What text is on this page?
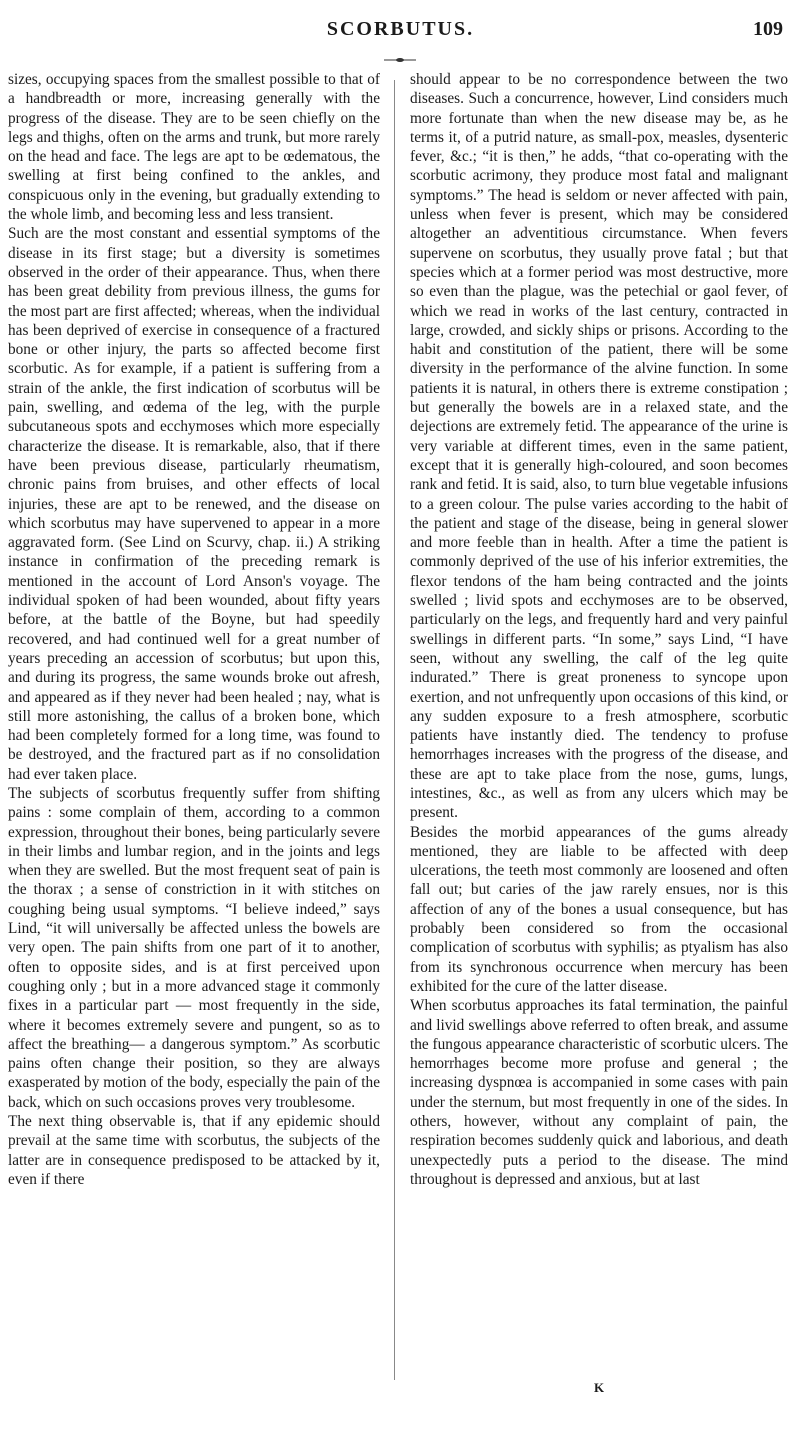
SCORBUTUS.	109

sizes, occupying spaces from the smallest possible to that of a handbreadth or more, increasing generally with the progress of the disease. They are to be seen chiefly on the legs and thighs, often on the arms and trunk, but more rarely on the head and face. The legs are apt to be œdematous, the swelling at first being confined to the ankles, and conspicuous only in the evening, but gradually extending to the whole limb, and becoming less and less transient.

Such are the most constant and essential symptoms of the disease in its first stage; but a diversity is sometimes observed in the order of their appearance. Thus, when there has been great debility from previous illness, the gums for the most part are first affected; whereas, when the individual has been deprived of exercise in consequence of a fractured bone or other injury, the parts so affected become first scorbutic. As for example, if a patient is suffering from a strain of the ankle, the first indication of scorbutus will be pain, swelling, and œdema of the leg, with the purple subcutaneous spots and ecchymoses which more especially characterize the disease. It is remarkable, also, that if there have been previous disease, particularly rheumatism, chronic pains from bruises, and other effects of local injuries, these are apt to be renewed, and the disease on which scorbutus may have supervened to appear in a more aggravated form. (See Lind on Scurvy, chap. ii.) A striking instance in confirmation of the preceding remark is mentioned in the account of Lord Anson's voyage. The individual spoken of had been wounded, about fifty years before, at the battle of the Boyne, but had speedily recovered, and had continued well for a great number of years preceding an accession of scorbutus; but upon this, and during its progress, the same wounds broke out afresh, and appeared as if they never had been healed ; nay, what is still more astonishing, the callus of a broken bone, which had been completely formed for a long time, was found to be destroyed, and the fractured part as if no consolidation had ever taken place.

The subjects of scorbutus frequently suffer from shifting pains : some complain of them, according to a common expression, throughout their bones, being particularly severe in their limbs and lumbar region, and in the joints and legs when they are swelled. But the most frequent seat of pain is the thorax ; a sense of constriction in it with stitches on coughing being usual symptoms. “I believe indeed,” says Lind, “it will universally be affected unless the bowels are very open. The pain shifts from one part of it to another, often to opposite sides, and is at first perceived upon coughing only ; but in a more advanced stage it commonly fixes in a particular part — most frequently in the side, where it becomes extremely severe and pungent, so as to affect the breathing— a dangerous symptom.” As scorbutic pains often change their position, so they are always exasperated by motion of the body, especially the pain of the back, which on such occasions proves very troublesome.

The next thing observable is, that if any epidemic should prevail at the same time with scorbutus, the subjects of the latter are in consequence predisposed to be attacked by it, even if there

should appear to be no correspondence between the two diseases. Such a concurrence, however, Lind considers much more fortunate than when the new disease may be, as he terms it, of a putrid nature, as small-pox, measles, dysenteric fever, &c.; “it is then,” he adds, “that co-operating with the scorbutic acrimony, they produce most fatal and malignant symptoms.” The head is seldom or never affected with pain, unless when fever is present, which may be considered altogether an adventitious circumstance. When fevers supervene on scorbutus, they usually prove fatal ; but that species which at a former period was most destructive, more so even than the plague, was the petechial or gaol fever, of which we read in works of the last century, contracted in large, crowded, and sickly ships or prisons. According to the habit and constitution of the patient, there will be some diversity in the performance of the alvine function. In some patients it is natural, in others there is extreme constipation ; but generally the bowels are in a relaxed state, and the dejections are extremely fetid. The appearance of the urine is very variable at different times, even in the same patient, except that it is generally high-coloured, and soon becomes rank and fetid. It is said, also, to turn blue vegetable infusions to a green colour. The pulse varies according to the habit of the patient and stage of the disease, being in general slower and more feeble than in health. After a time the patient is commonly deprived of the use of his inferior extremities, the flexor tendons of the ham being contracted and the joints swelled ; livid spots and ecchymoses are to be observed, particularly on the legs, and frequently hard and very painful swellings in different parts. “In some,” says Lind, “I have seen, without any swelling, the calf of the leg quite indurated.” There is great proneness to syncope upon exertion, and not unfrequently upon occasions of this kind, or any sudden exposure to a fresh atmosphere, scorbutic patients have instantly died. The tendency to profuse hemorrhages increases with the progress of the disease, and these are apt to take place from the nose, gums, lungs, intestines, &c., as well as from any ulcers which may be present.

Besides the morbid appearances of the gums already mentioned, they are liable to be affected with deep ulcerations, the teeth most commonly are loosened and often fall out; but caries of the jaw rarely ensues, nor is this affection of any of the bones a usual consequence, but has probably been considered so from the occasional complication of scorbutus with syphilis; as ptyalism has also from its synchronous occurrence when mercury has been exhibited for the cure of the latter disease.

When scorbutus approaches its fatal termination, the painful and livid swellings above referred to often break, and assume the fungous appearance characteristic of scorbutic ulcers. The hemorrhages become more profuse and general ; the increasing dyspnœa is accompanied in some cases with pain under the sternum, but most frequently in one of the sides. In others, however, without any complaint of pain, the respiration becomes suddenly quick and laborious, and death unexpectedly puts a period to the disease. The mind throughout is depressed and anxious, but at last

K
